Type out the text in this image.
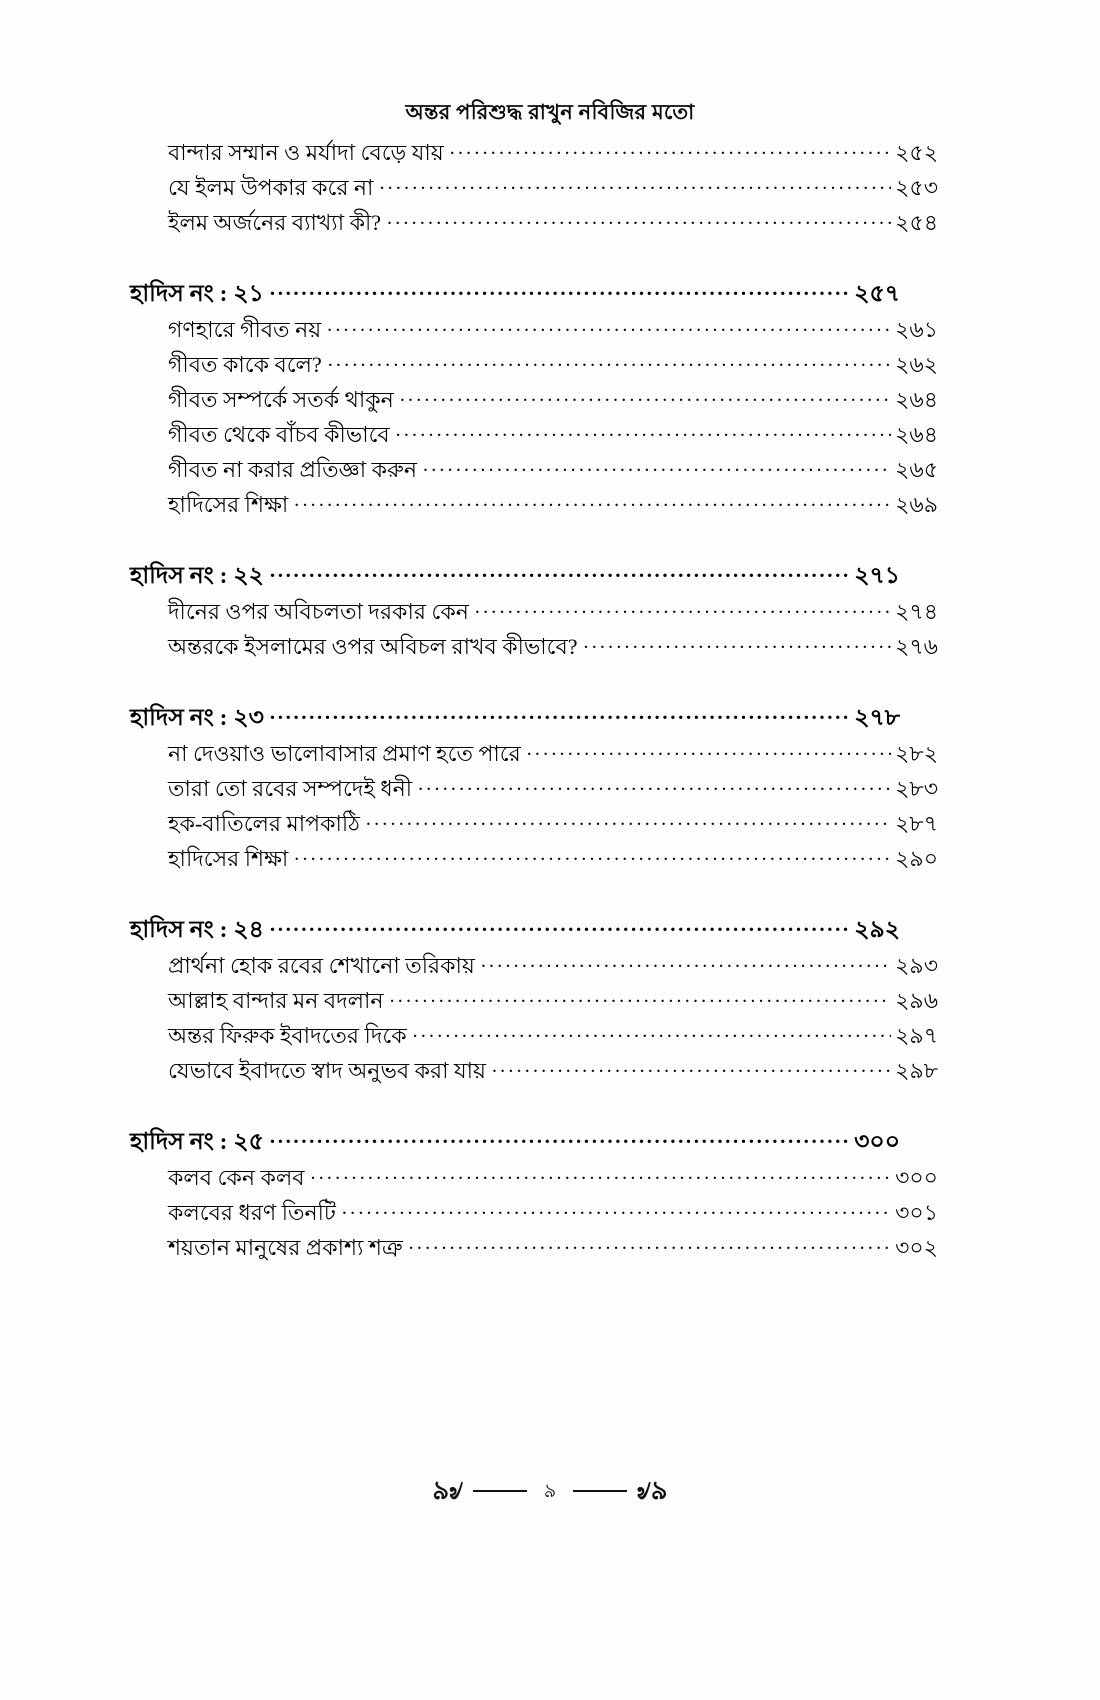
অন্তর পরিশুদ্ধ রাখুন নবিজির মতো
বান্দার সম্মান ও মর্যাদা বেড়ে যায় .....	২৫২
যে ইলম উপকার করে না .....	২৫৩
ইলম অর্জনের ব্যাখ্যা কী? .....	২৫৪
হাদিস নং : ২১ .....	২৫৭
গণহারে গীবত নয় .....	২৬১
গীবত কাকে বলে? .....	২৬২
গীবত সম্পর্কে সতর্ক থাকুন .....	২৬৪
গীবত থেকে বাঁচব কীভাবে .....	২৬৪
গীবত না করার প্রতিজ্ঞা করুন .....	২৬৫
হাদিসের শিক্ষা .....	২৬৯
হাদিস নং : ২২ .....	২৭১
দীনের ওপর অবিচলতা দরকার কেন .....	২৭৪
অন্তরকে ইসলামের ওপর অবিচল রাখব কীভাবে? .....	২৭৬
হাদিস নং : ২৩ .....	২৭৮
না দেওয়াও ভালোবাসার প্রমাণ হতে পারে .....	২৮২
তারা তো রবের সম্পদেই ধনী .....	২৮৩
হক-বাতিলের মাপকাঠি .....	২৮৭
হাদিসের শিক্ষা .....	২৯০
হাদিস নং : ২৪ .....	২৯২
প্রার্থনা হোক রবের শেখানো তরিকায় .....	২৯৩
আল্লাহ বান্দার মন বদলান .....	২৯৬
অন্তর ফিরুক ইবাদতের দিকে .....	২৯৭
যেভাবে ইবাদতে স্বাদ অনুভব করা যায় .....	২৯৮
হাদিস নং : ২৫ .....	৩০০
কলব কেন কলব .....	৩০০
কলবের ধরণ তিনটি .....	৩০১
শয়তান মানুষের প্রকাশ্য শত্রু .....	৩০২
৯৶	৯	৶৯
